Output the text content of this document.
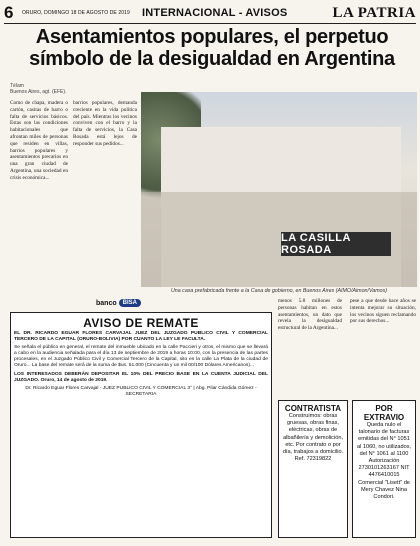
6	ORURO, DOMINGO 18 DE AGOSTO DE 2019	INTERNACIONAL - AVISOS	LA PATRIA
Asentamientos populares, el perpetuo símbolo de la desigualdad en Argentina
Télam
Buenos Aires, agt. (EFE).
Como de chapa, madera o cartón, casitas de barro o falta de servicios básicos. Estas son las condiciones habitacionales que afrontan miles de personas que residen en villas, barrios populares y asentamientos precarios en una gran ciudad de Argentina, una sociedad en crisis económica...
barrios populares, demanda creciente en la vida política del país. Mientras los vecinos conviven con el barro y la falta de servicios, la Casa Rosada está lejos de responder sus pedidos...
LA CASILLA ROSADA
Una casa prefabricada frente a la Casa de gobierno, en Buenos Aires (AIMO/Aimon/Vamos)
menos 5.8 millones de personas habitan en estos asentamientos, un dato que revela la desigualdad estructural de la Argentina...
pese a que desde hace años se intenta mejorar su situación, los vecinos siguen reclamando por sus derechos...
banco	BISA
AVISO DE REMATE
EL DR. RICARDO EGUAR FLORES CARVAJAL JUEZ DEL JUZGADO PUBLICO CIVIL Y COMERCIAL TERCERO DE LA CAPITAL (ORURO-BOLIVIA) POR CUANTO LA LEY LE FACULTA.
Se señala el público en general, el remate del inmueble ubicado en la calle Paccieri y otros, el mismo que se llevará a cabo en la audiencia señalada para el día 13 de septiembre de 2019 a horas 10:00, con la presencia de las partes procesales, en el Juzgado Público Civil y Comercial Tercero de la Capital, sito en la calle La Plata de la ciudad de Oruro... La base del remate será de la suma de $us. 51.000 (Cincuenta y un mil 00/100 Dólares Americanos)...
LOS INTERESADOS DEBERÁN DEPOSITAR EL 10% DEL PRECIO BASE EN LA CUENTA JUDICIAL DEL JUZGADO. Oruro, 14 de agosto de 2019.
Dr. Ricardo Eguar Flores Carvajal - JUEZ PUBLICO CIVIL Y COMERCIAL 3° | Abg. Pilar Cándida Gómez - SECRETARIA
CONTRATISTA
Construimos: obras gruesas, obras finas, eléctricas, obras de albañilería y demolición, etc. Por contrato o por día, trabajos a domicilio. Ref. 72319822
POR EXTRAVIO
Queda nulo el talonario de facturas emitidas del N° 1051 al 1060, no utilizados, del N° 1061 al 1100 Autorización 2730101263167 NIT 4476410015 Comercial "Lisett" de Mery Chavez Nina Condori.
